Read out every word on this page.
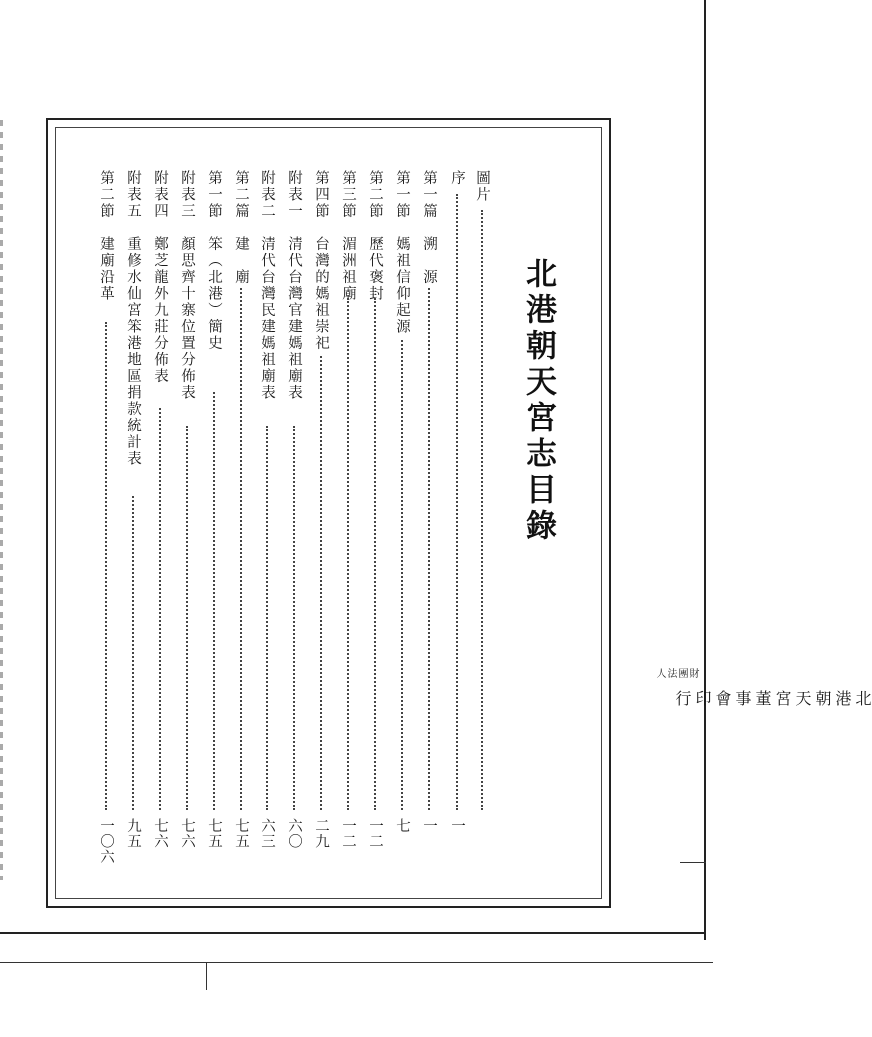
北港朝天宮志目錄
圖片
序
一
第一篇　溯　源
一
第一節　媽祖信仰起源
七
第二節　歷代褒封
一二
第三節　湄洲祖廟
一二
第四節　台灣的媽祖崇祀
二九
附表一　清代台灣官建媽祖廟表
六〇
附表二　清代台灣民建媽祖廟表
六三
第二篇　建　廟
七五
第一節　笨（北港）簡史
七五
附表三　顏思齊十寨位置分佈表
七六
附表四　鄭芝龍外九莊分佈表
七六
附表五　重修水仙宮笨港地區捐款統計表
九五
第二節　建廟沿革
一〇六
財團
法人
北港朝天宮董事會印行
